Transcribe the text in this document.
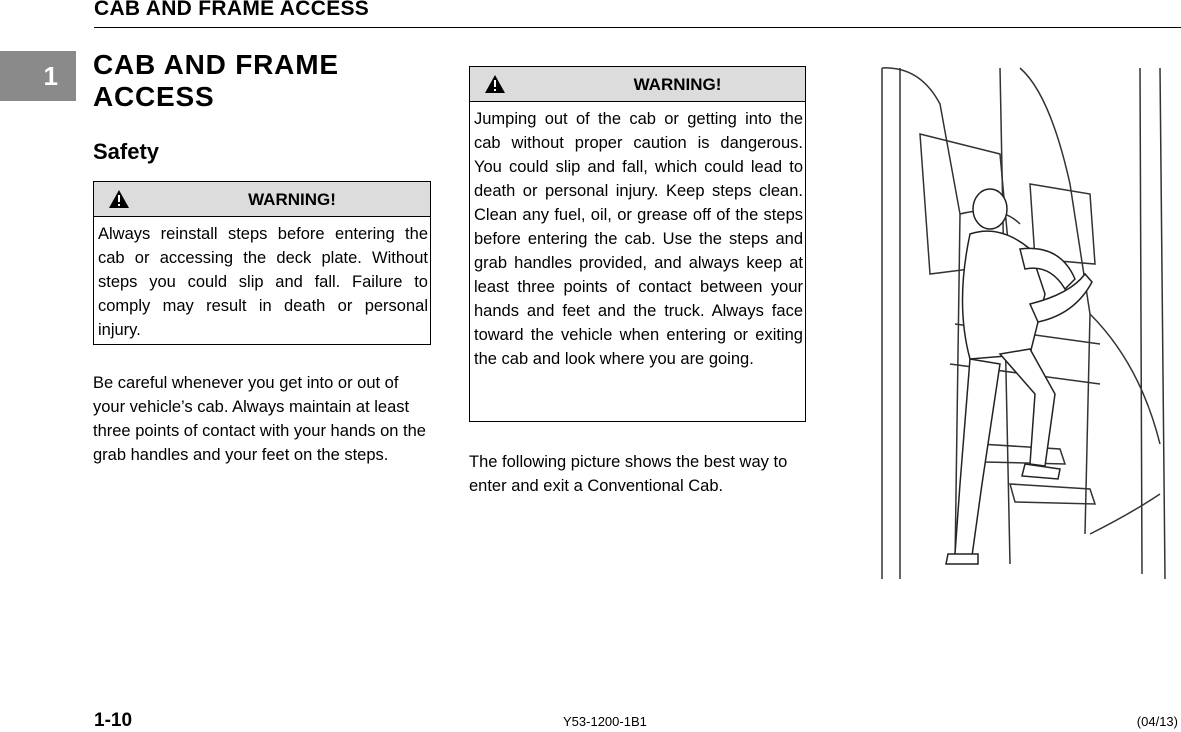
CAB AND FRAME ACCESS
1 CAB AND FRAME ACCESS
Safety
WARNING!
Always reinstall steps before entering the cab or accessing the deck plate. Without steps you could slip and fall. Failure to comply may result in death or personal injury.
Be careful whenever you get into or out of your vehicle’s cab. Always maintain at least three points of contact with your hands on the grab handles and your feet on the steps.
WARNING!
Jumping out of the cab or getting into the cab without proper caution is dangerous. You could slip and fall, which could lead to death or personal injury. Keep steps clean. Clean any fuel, oil, or grease off of the steps before entering the cab. Use the steps and grab handles provided, and always keep at least three points of contact between your hands and feet and the truck. Always face toward the vehicle when entering or exiting the cab and look where you are going.
The following picture shows the best way to enter and exit a Conventional Cab.
1-10	Y53-1200-1B1	(04/13)
